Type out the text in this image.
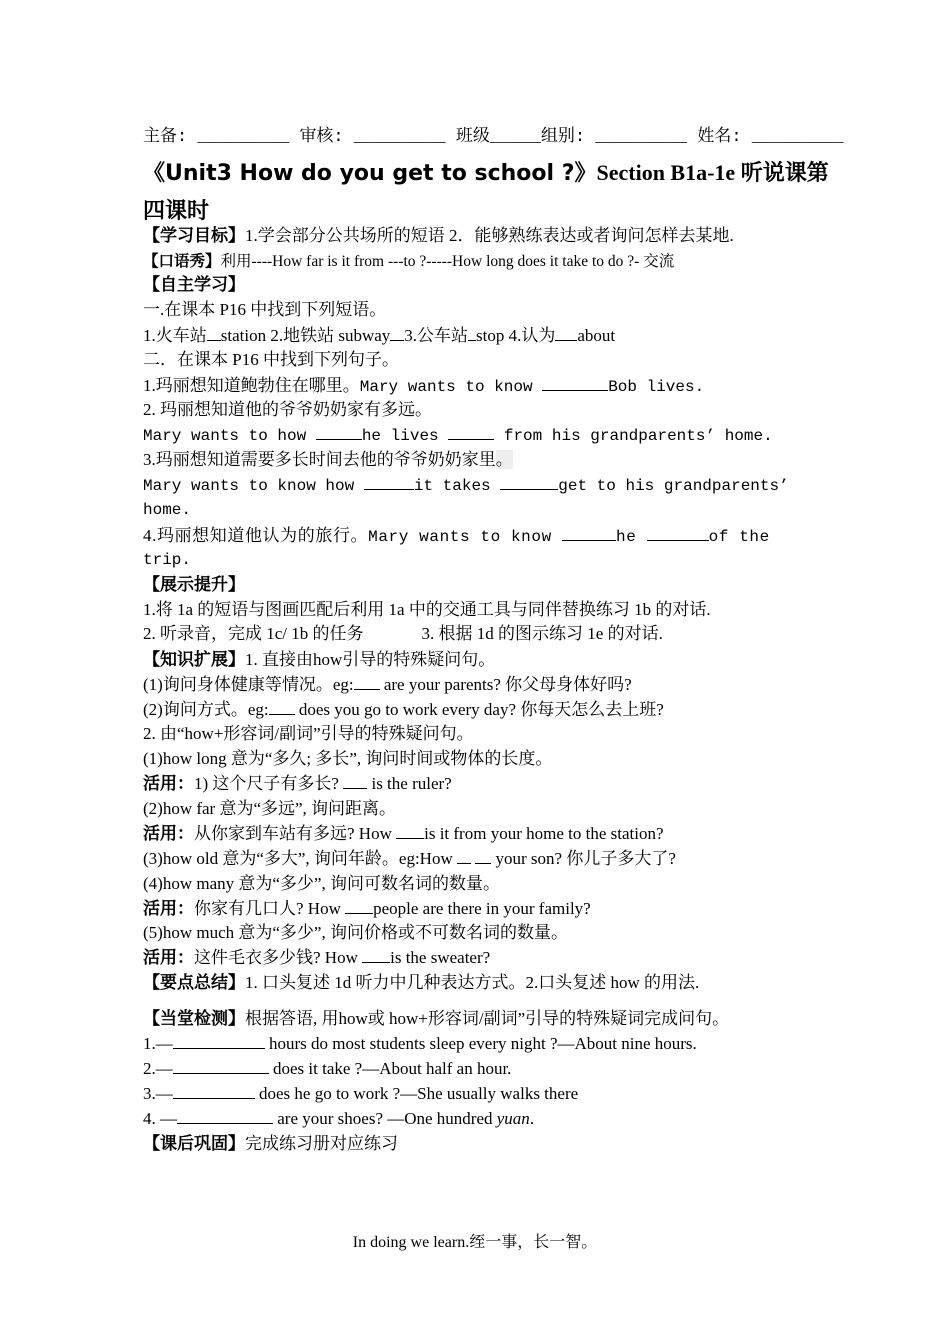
主备: _________ 审核: _________ 班级_____组别: _________ 姓名: _________
《Unit3 How do you get to school ?》Section B1a-1e 听说课第
四课时
【学习目标】1.学会部分公共场所的短语 2．能够熟练表达或者询问怎样去某地.
【口语秀】利用----How far is it from ---to ?-----How long does it take to do ?- 交流
【自主学习】
一.在课本 P16 中找到下列短语。
1.火车站 station 2.地铁站 subway 3.公车站 stop 4.认为 about
二．在课本 P16 中找到下列句子。
1.玛丽想知道鲍勃住在哪里。Mary wants to know	Bob lives.
2. 玛丽想知道他的爷爷奶奶家有多远。
Mary wants to how	he lives	from his grandparents’ home.
3.玛丽想知道需要多长时间去他的爷爷奶奶家里。
Mary wants to know how	it takes	get to his grandparents’
home.
4.玛丽想知道他认为的旅行。Mary wants to know	he	of the
trip.
【展示提升】
1.将 1a 的短语与图画匹配后利用 1a 中的交通工具与同伴替换练习 1b 的对话.
2. 听录音，完成 1c/ 1b 的任务	3. 根据 1d 的图示练习 1e 的对话.
【知识扩展】1. 直接由how引导的特殊疑问句。
(1)询问身体健康等情况。eg: are your parents? 你父母身体好吗?
(2)询问方式。eg: does you go to work every day? 你每天怎么去上班?
2. 由“how+形容词/副词”引导的特殊疑问句。
(1)how long 意为“多久; 多长”, 询问时间或物体的长度。
活用：1) 这个尺子有多长?  is the ruler?
(2)how far 意为“多远”, 询问距离。
活用：从你家到车站有多远? How is it from your home to the station?
(3)how old 意为“多大”, 询问年龄。eg:How   your son? 你儿子多大了?
(4)how many 意为“多少”, 询问可数名词的数量。
活用：你家有几口人? How people are there in your family?
(5)how much 意为“多少”, 询问价格或不可数名词的数量。
活用：这件毛衣多少钱? How is the sweater?
【要点总结】1. 口头复述 1d 听力中几种表达方式。2.口头复述 how 的用法.
【当堂检测】根据答语, 用how或 how+形容词/副词”引导的特殊疑词完成问句。
1.—	hours do most students sleep every night ?—About nine hours.
2.—	does it take ?—About half an hour.
3.—	does he go to work ?—She usually walks there
4. —	are your shoes? —One hundred yuan.
【课后巩固】完成练习册对应练习
In doing we learn.绖一事，长一智。
